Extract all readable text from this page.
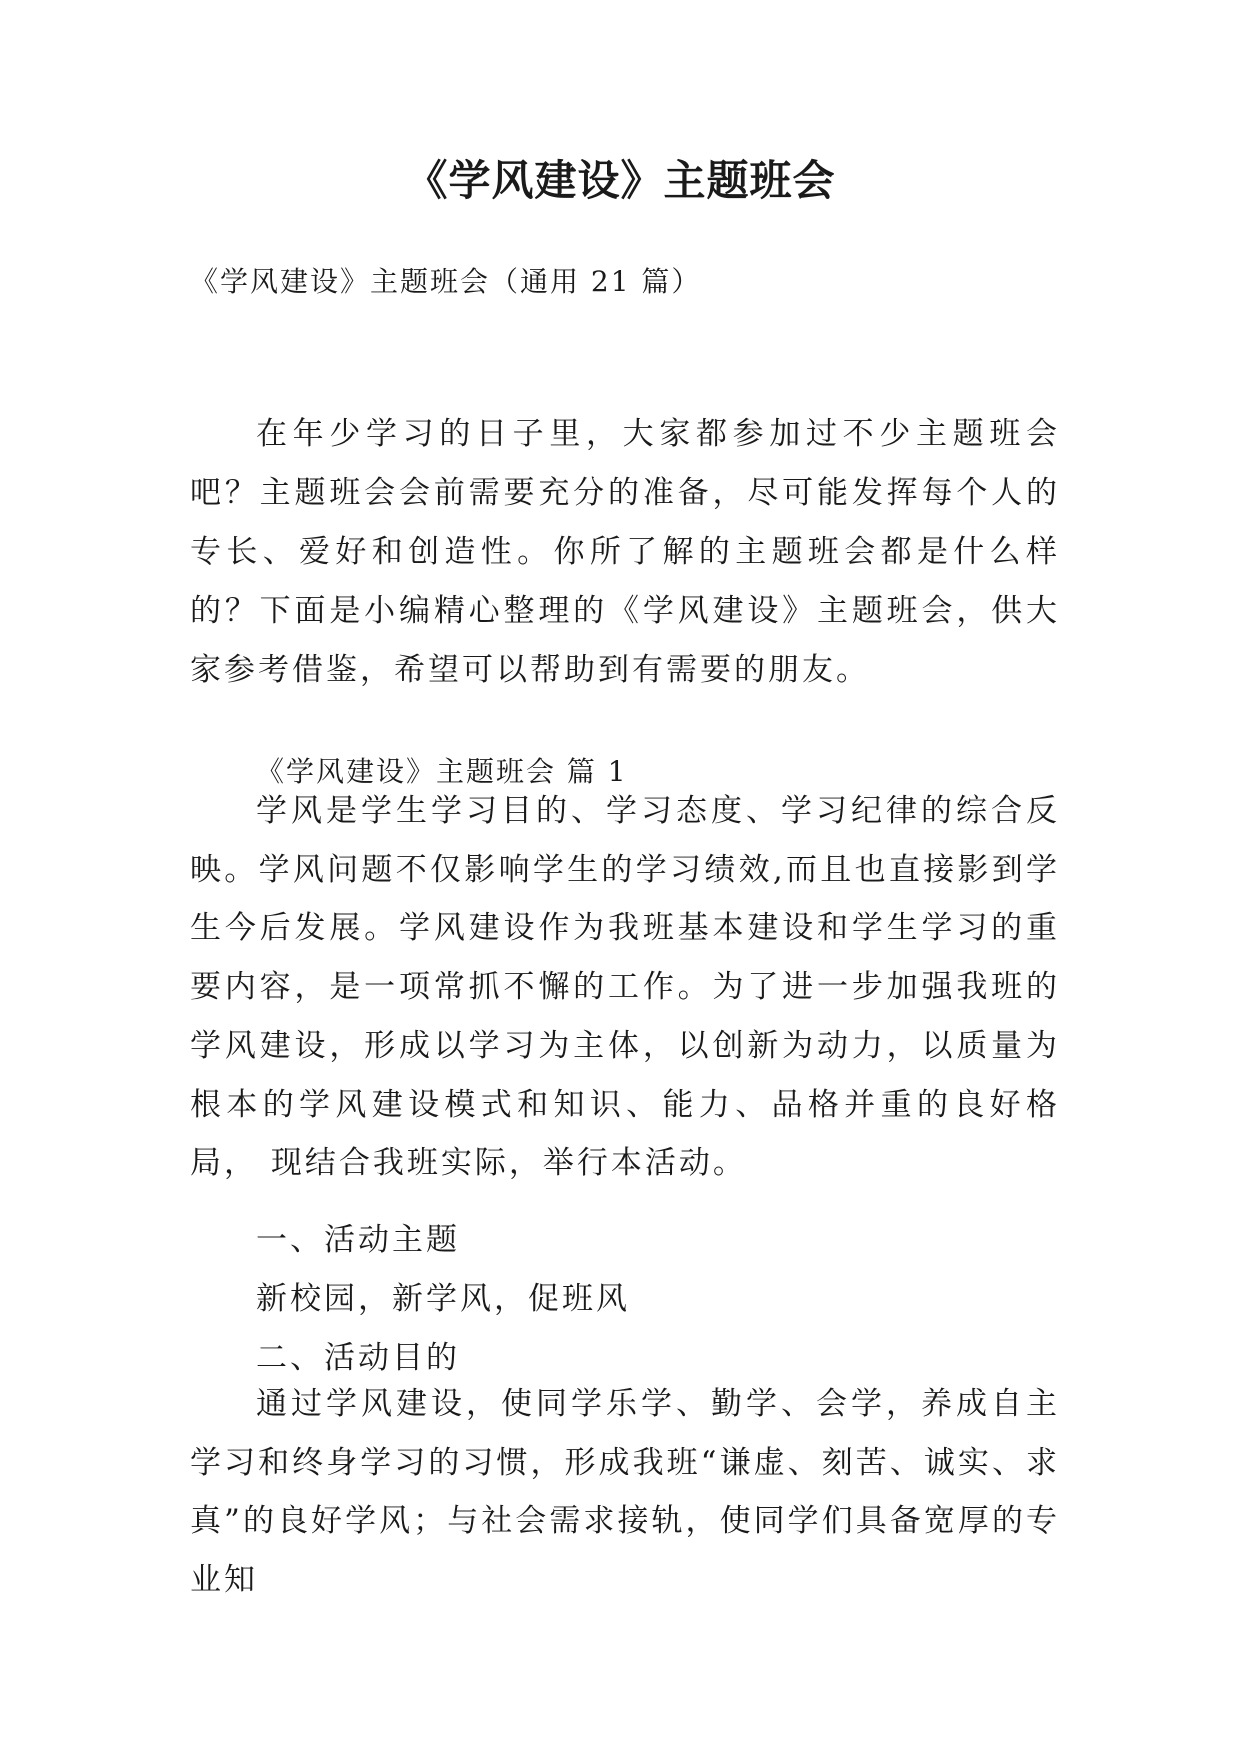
《学风建设》主题班会
《学风建设》主题班会（通用 21 篇）

在年少学习的日子里，大家都参加过不少主题班会吧？主题班会会前需要充分的准备，尽可能发挥每个人的专长、爱好和创造性。你所了解的主题班会都是什么样的？下面是小编精心整理的《学风建设》主题班会，供大家参考借鉴，希望可以帮助到有需要的朋友。

《学风建设》主题班会 篇 1

学风是学生学习目的、学习态度、学习纪律的综合反映。学风问题不仅影响学生的学习绩效,而且也直接影到学生今后发展。学风建设作为我班基本建设和学生学习的重要内容，是一项常抓不懈的工作。为了进一步加强我班的学风建设，形成以学习为主体，以创新为动力，以质量为根本的学风建设模式和知识、能力、品格并重的良好格局， 现结合我班实际，举行本活动。

一、活动主题
新校园，新学风，促班风
二、活动目的

通过学风建设，使同学乐学、勤学、会学，养成自主学习和终身学习的习惯，形成我班“谦虚、刻苦、诚实、求真”的良好学风；与社会需求接轨，使同学们具备宽厚的专业知
